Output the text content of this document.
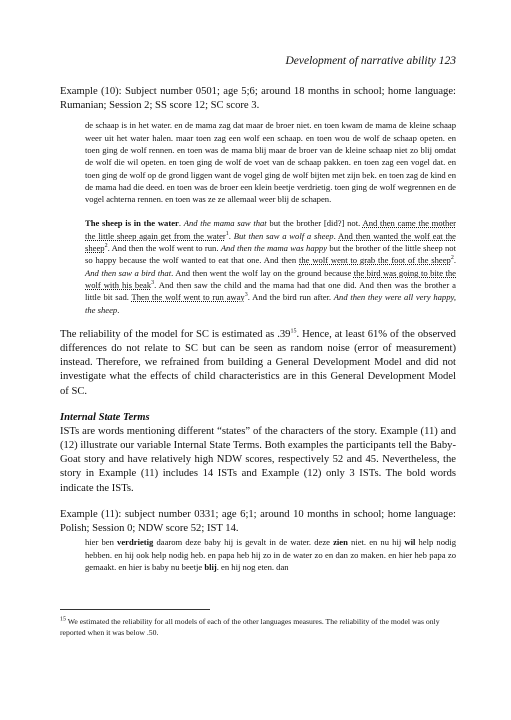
Development of narrative ability 123

Example (10): Subject number 0501; age 5;6; around 18 months in school; home language: Rumanian; Session 2; SS score 12; SC score 3.

de schaap is in het water. en de mama zag dat maar de broer niet. en toen kwam de mama de kleine schaap weer uit het water halen. maar toen zag een wolf een schaap. en toen wou de wolf de schaap opeten. en toen ging de wolf rennen. en toen was de mama blij maar de broer van de kleine schaap niet zo blij omdat de wolf die wil opeten. en toen ging de wolf de voet van de schaap pakken. en toen zag een vogel dat. en toen ging de wolf op de grond liggen want de vogel ging de wolf bijten met zijn bek. en toen zag de kind en de mama had die deed. en toen was de broer een klein beetje verdrietig. toen ging de wolf wegrennen en de vogel achterna rennen. en toen was ze ze allemaal weer blij de schapen.

The sheep is in the water. And the mama saw that but the brother [did?] not. And then came the mother the little sheep again get from the water$^1$. But then saw a wolf a sheep. And then wanted the wolf eat the sheep$^2$. And then the wolf went to run. And then the mama was happy but the brother of the little sheep not so happy because the wolf wanted to eat that one. And then the wolf went to grab the foot of the sheep$^2$. And then saw a bird that. And then went the wolf lay on the ground because the bird was going to bite the wolf with his beak$^3$. And then saw the child and the mama had that one did. And then was the brother a little bit sad. Then the wolf went to run away$^3$. And the bird run after. And then they were all very happy, the sheep.

The reliability of the model for SC is estimated as $.39^{15}$. Hence, at least 61% of the observed differences do not relate to SC but can be seen as random noise (error of measurement) instead. Therefore, we refrained from building a General Development Model and did not investigate what the effects of child characteristics are in this General Development Model of SC.

Internal State Terms

ISTs are words mentioning different “states” of the characters of the story. Example (11) and (12) illustrate our variable Internal State Terms. Both examples the participants tell the Baby-Goat story and have relatively high NDW scores, respectively 52 and 45. Nevertheless, the story in Example (11) includes 14 ISTs and Example (12) only 3 ISTs. The bold words indicate the ISTs.

Example (11): subject number 0331; age 6;1; around 10 months in school; home language: Polish; Session 0; NDW score 52; IST 14.

hier ben verdrietig daarom deze baby hij is gevalt in de water. deze zien niet. en nu hij wil help nodig hebben. en hij ook help nodig heb. en papa heb hij zo in de water zo en dan zo maken. en hier heb papa zo gemaakt. en hier is baby nu beetje blij. en hij nog eten. dan

$^{15}$ We estimated the reliability for all models of each of the other languages measures. The reliability of the model was only reported when it was below .50.
